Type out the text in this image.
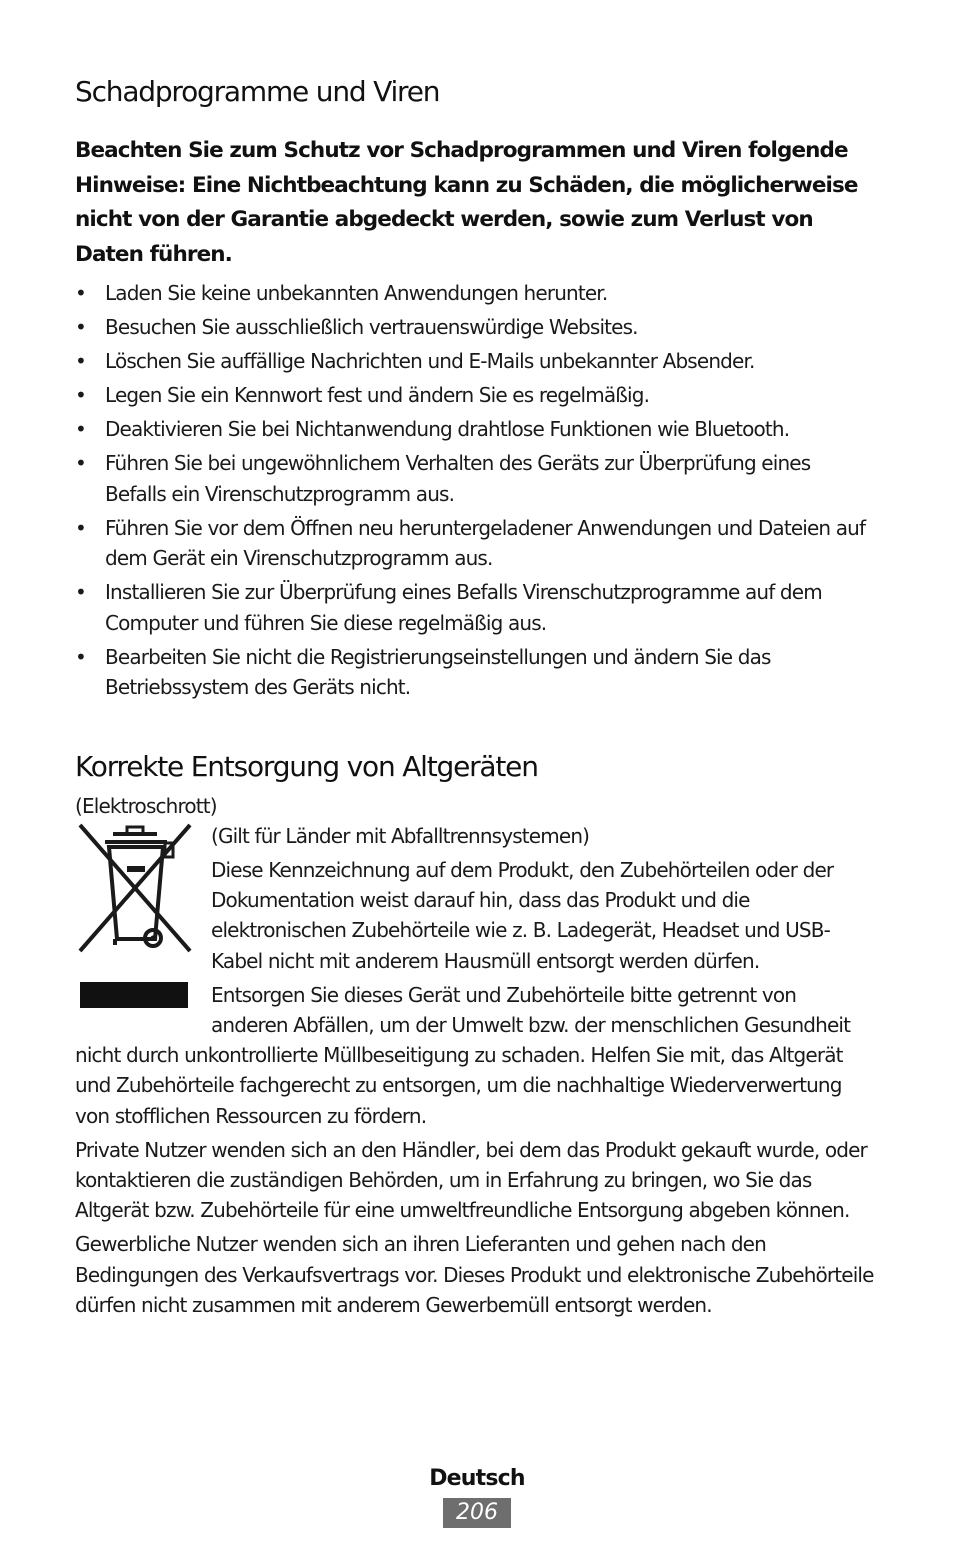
Schadprogramme und Viren

Beachten Sie zum Schutz vor Schadprogrammen und Viren folgende Hinweise: Eine Nichtbeachtung kann zu Schäden, die möglicherweise nicht von der Garantie abgedeckt werden, sowie zum Verlust von Daten führen.

• Laden Sie keine unbekannten Anwendungen herunter.
• Besuchen Sie ausschließlich vertrauenswürdige Websites.
• Löschen Sie auffällige Nachrichten und E-Mails unbekannter Absender.
• Legen Sie ein Kennwort fest und ändern Sie es regelmäßig.
• Deaktivieren Sie bei Nichtanwendung drahtlose Funktionen wie Bluetooth.
• Führen Sie bei ungewöhnlichem Verhalten des Geräts zur Überprüfung eines Befalls ein Virenschutzprogramm aus.
• Führen Sie vor dem Öffnen neu heruntergeladener Anwendungen und Dateien auf dem Gerät ein Virenschutzprogramm aus.
• Installieren Sie zur Überprüfung eines Befalls Virenschutzprogramme auf dem Computer und führen Sie diese regelmäßig aus.
• Bearbeiten Sie nicht die Registrierungseinstellungen und ändern Sie das Betriebssystem des Geräts nicht.
Korrekte Entsorgung von Altgeräten

(Elektroschrott)

(Gilt für Länder mit Abfalltrennsystemen)

Diese Kennzeichnung auf dem Produkt, den Zubehörteilen oder der Dokumentation weist darauf hin, dass das Produkt und die elektronischen Zubehörteile wie z. B. Ladegerät, Headset und USB-Kabel nicht mit anderem Hausmüll entsorgt werden dürfen.

Entsorgen Sie dieses Gerät und Zubehörteile bitte getrennt von anderen Abfällen, um der Umwelt bzw. der menschlichen Gesundheit nicht durch unkontrollierte Müllbeseitigung zu schaden. Helfen Sie mit, das Altgerät und Zubehörteile fachgerecht zu entsorgen, um die nachhaltige Wiederverwertung von stofflichen Ressourcen zu fördern.

Private Nutzer wenden sich an den Händler, bei dem das Produkt gekauft wurde, oder kontaktieren die zuständigen Behörden, um in Erfahrung zu bringen, wo Sie das Altgerät bzw. Zubehörteile für eine umweltfreundliche Entsorgung abgeben können.

Gewerbliche Nutzer wenden sich an ihren Lieferanten und gehen nach den Bedingungen des Verkaufsvertrags vor. Dieses Produkt und elektronische Zubehörteile dürfen nicht zusammen mit anderem Gewerbemüll entsorgt werden.

Deutsch
206
